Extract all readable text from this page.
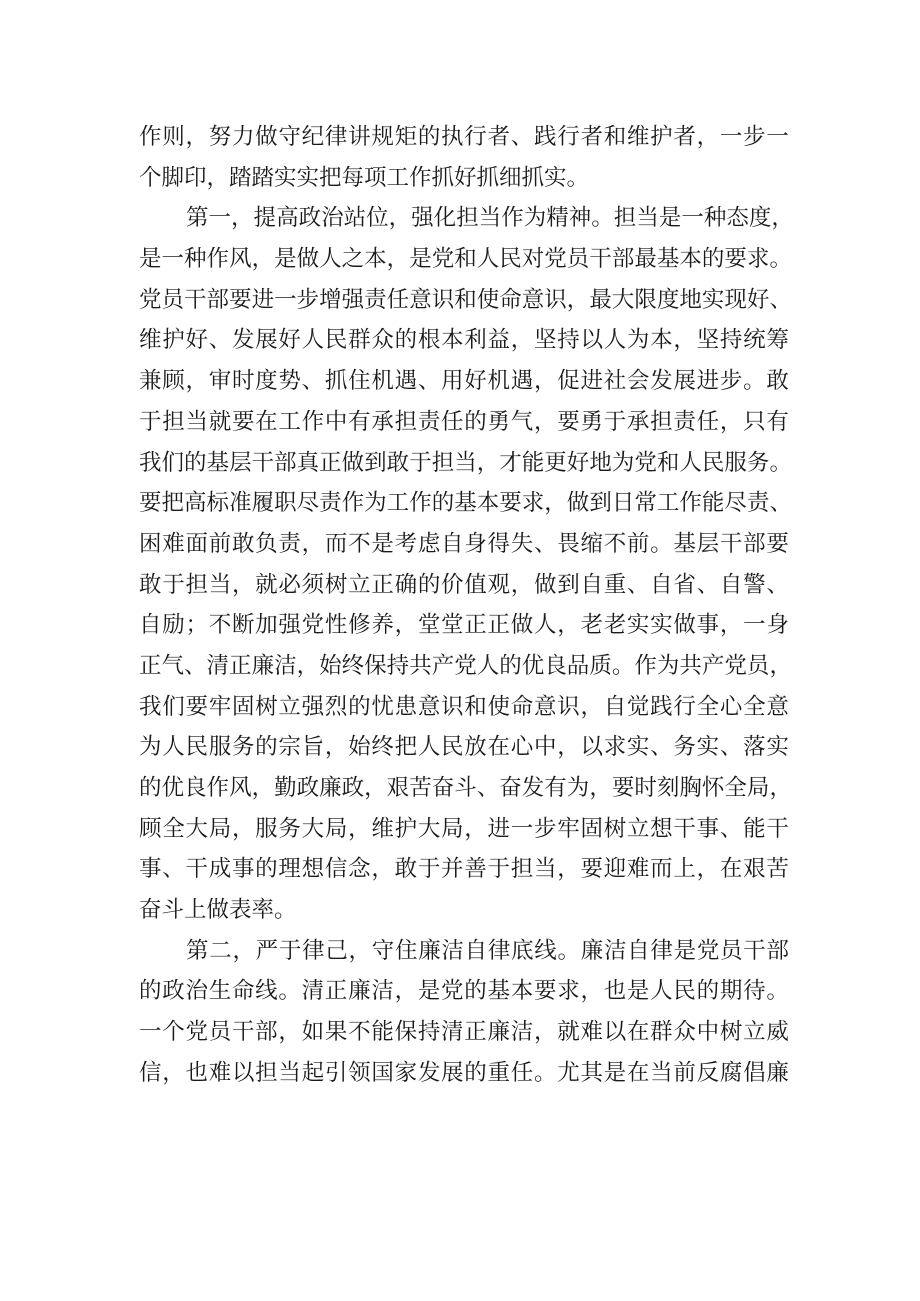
作 则 ， 努 力 做 守 纪 律 讲 规 矩 的 执 行 者 、 践 行 者 和 维 护 者 ， 一 步 一
个脚印，踏踏实实把每项工作抓好抓细抓实。
第 一 ， 提 高 政 治 站 位 ， 强 化 担 当 作 为 精 神 。 担 当 是 一 种 态 度 ，
是 一 种 作 风 ， 是 做 人 之 本 ， 是 党 和 人 民 对 党 员 干 部 最 基 本 的 要 求 。
党 员 干 部 要 进 一 步 增 强 责 任 意 识 和 使 命 意 识 ， 最 大 限 度 地 实 现 好 、
维 护 好 、 发 展 好 人 民 群 众 的 根 本 利 益 ， 坚 持 以 人 为 本 ， 坚 持 统 筹
兼 顾 ， 审 时 度 势 、 抓 住 机 遇 、 用 好 机 遇 ， 促 进 社 会 发 展 进 步 。 敢
于 担 当 就 要 在 工 作 中 有 承 担 责 任 的 勇 气 ， 要 勇 于 承 担 责 任 ， 只 有
我 们 的 基 层 干 部 真 正 做 到 敢 于 担 当 ， 才 能 更 好 地 为 党 和 人 民 服 务 。
要 把 高 标 准 履 职 尽 责 作 为 工 作 的 基 本 要 求 ， 做 到 日 常 工 作 能 尽 责 、
困 难 面 前 敢 负 责 ， 而 不 是 考 虑 自 身 得 失 、 畏 缩 不 前 。 基 层 干 部 要
敢 于 担 当 ， 就 必 须 树 立 正 确 的 价 值 观 ， 做 到 自 重 、 自 省 、 自 警 、
自 励 ； 不 断 加 强 党 性 修 养 ， 堂 堂 正 正 做 人 ， 老 老 实 实 做 事 ， 一 身
正 气 、 清 正 廉 洁 ， 始 终 保 持 共 产 党 人 的 优 良 品 质 。 作 为 共 产 党 员 ，
我 们 要 牢 固 树 立 强 烈 的 忧 患 意 识 和 使 命 意 识 ， 自 觉 践 行 全 心 全 意
为 人 民 服 务 的 宗 旨 ， 始 终 把 人 民 放 在 心 中 ， 以 求 实 、 务 实 、 落 实
的 优 良 作 风 ， 勤 政 廉 政 ， 艰 苦 奋 斗 、 奋 发 有 为 ， 要 时 刻 胸 怀 全 局 ，
顾 全 大 局 ， 服 务 大 局 ， 维 护 大 局 ， 进 一 步 牢 固 树 立 想 干 事 、 能 干
事 、 干 成 事 的 理 想 信 念 ， 敢 于 并 善 于 担 当 ， 要 迎 难 而 上 ， 在 艰 苦
奋斗上做表率。
第 二 ， 严 于 律 己 ， 守 住 廉 洁 自 律 底 线 。 廉 洁 自 律 是 党 员 干 部
的 政 治 生 命 线 。 清 正 廉 洁 ， 是 党 的 基 本 要 求 ， 也 是 人 民 的 期 待 。
一 个 党 员 干 部 ， 如 果 不 能 保 持 清 正 廉 洁 ， 就 难 以 在 群 众 中 树 立 威
信 ， 也 难 以 担 当 起 引 领 国 家 发 展 的 重 任 。 尤 其 是 在 当 前 反 腐 倡 廉
